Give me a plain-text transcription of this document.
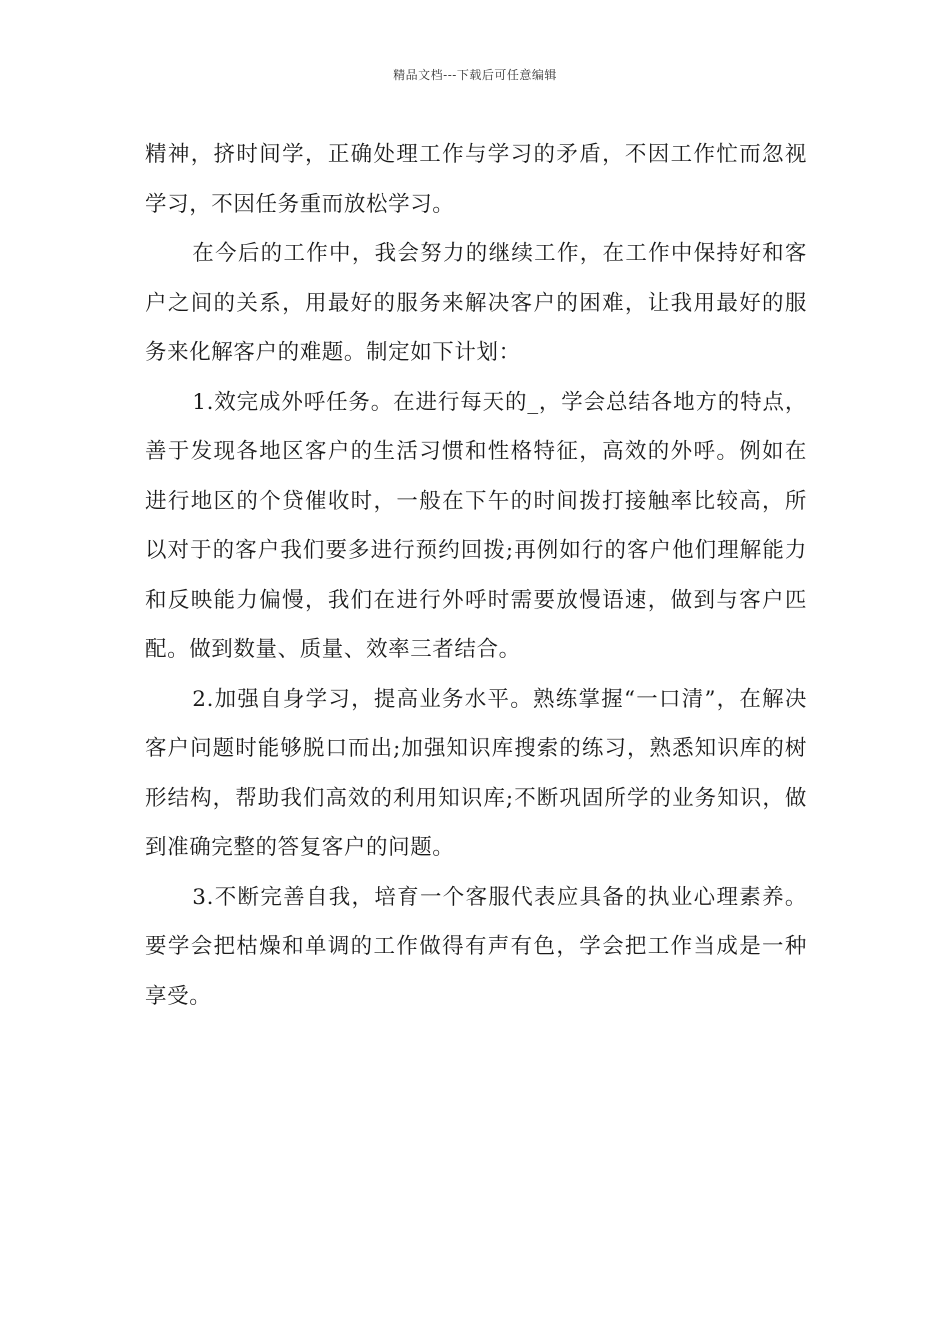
精品文档---下载后可任意编辑

精神，挤时间学，正确处理工作与学习的矛盾，不因工作忙而忽视学习，不因任务重而放松学习。

在今后的工作中，我会努力的继续工作，在工作中保持好和客户之间的关系，用最好的服务来解决客户的困难，让我用最好的服务来化解客户的难题。制定如下计划：

1.效完成外呼任务。在进行每天的_，学会总结各地方的特点，善于发现各地区客户的生活习惯和性格特征，高效的外呼。例如在进行地区的个贷催收时，一般在下午的时间拨打接触率比较高，所以对于的客户我们要多进行预约回拨;再例如行的客户他们理解能力和反映能力偏慢，我们在进行外呼时需要放慢语速，做到与客户匹配。做到数量、质量、效率三者结合。

2.加强自身学习，提高业务水平。熟练掌握“一口清”，在解决客户问题时能够脱口而出;加强知识库搜索的练习，熟悉知识库的树形结构，帮助我们高效的利用知识库;不断巩固所学的业务知识，做到准确完整的答复客户的问题。

3.不断完善自我，培育一个客服代表应具备的执业心理素养。要学会把枯燥和单调的工作做得有声有色，学会把工作当成是一种享受。
